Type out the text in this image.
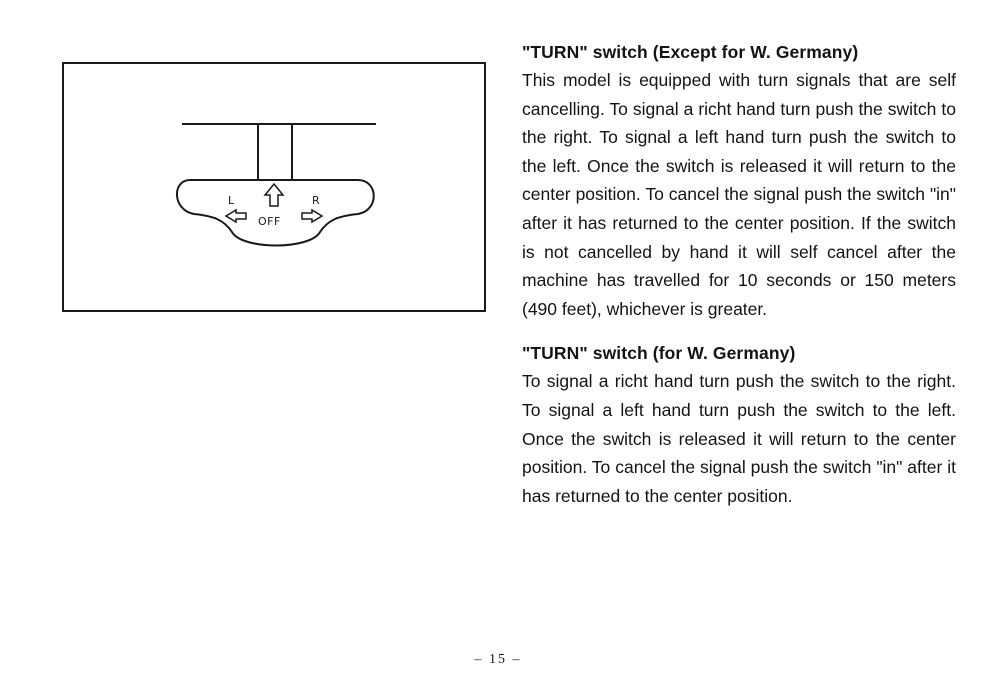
L	R
OFF
"TURN" switch (Except for W. Germany)

This model is equipped with turn signals that are self cancelling. To signal a richt hand turn push the switch to the right. To signal a left hand turn push the switch to the left. Once the switch is released it will return to the center position. To cancel the signal push the switch "in" after it has returned to the center position. If the switch is not cancelled by hand it will self cancel after the machine has travelled for 10 seconds or 150 meters (490 feet), whichever is greater.

"TURN" switch (for W. Germany)

To signal a richt hand turn push the switch to the right. To signal a left hand turn push the switch to the left. Once the switch is released it will return to the center position. To cancel the signal push the switch "in" after it has returned to the center position.

– 15 –
